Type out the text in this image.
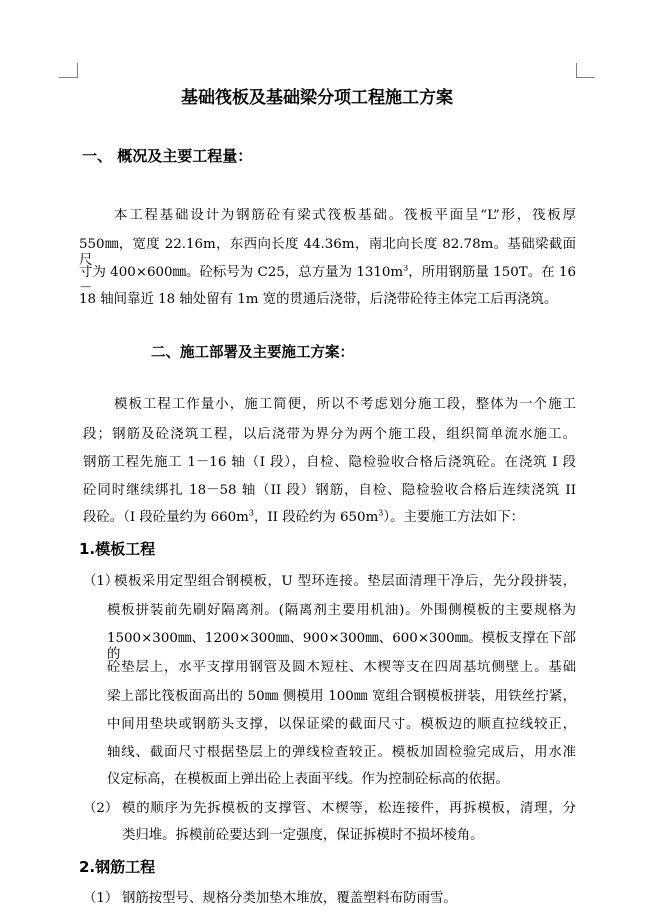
基础筏板及基础梁分项工程施工方案
一、 概况及主要工程量：
本工程基础设计为钢筋砼有梁式筏板基础。筏板平面呈“L”形，筏板厚
550㎜，宽度 22.16m，东西向长度 44.36m，南北向长度 82.78m。基础梁截面尺
寸为 400×600㎜。砼标号为 C25，总方量为 $1310m^3$，所用钢筋量 150T。在 16－
18 轴间靠近 18 轴处留有 1m 宽的贯通后浇带，后浇带砼待主体完工后再浇筑。
二、施工部署及主要施工方案：
模板工程工作量小，施工简便，所以不考虑划分施工段，整体为一个施工
段；钢筋及砼浇筑工程，以后浇带为界分为两个施工段，组织简单流水施工。
钢筋工程先施工 1－16 轴（I 段），自检、隐检验收合格后浇筑砼。在浇筑 I 段
砼同时继续绑扎 18－58 轴（II 段）钢筋，自检、隐检验收合格后连续浇筑 II
段砼。（I 段砼量约为 $660m^3$，II 段砼约为 $650m^3$）。主要施工方法如下：
1.模板工程
（1）
模板采用定型组合钢模板，U 型环连接。垫层面清理干净后，先分段拼装，
模板拼装前先刷好隔离剂。(隔离剂主要用机油)。外围侧模板的主要规格为
1500×300㎜、1200×300㎜、900×300㎜、600×300㎜。模板支撑在下部的
砼垫层上，水平支撑用钢管及圆木短柱、木楔等支在四周基坑侧壁上。基础
梁上部比筏板面高出的 50㎜ 侧模用 100㎜ 宽组合钢模板拼装，用铁丝拧紧，
中间用垫块或钢筋头支撑，以保证梁的截面尺寸。模板边的顺直拉线较正，
轴线、截面尺寸根据垫层上的弹线检查较正。模板加固检验完成后，用水准
仪定标高，在模板面上弹出砼上表面平线。作为控制砼标高的依据。
（2） 模的顺序为先拆模板的支撑管、木楔等，松连接件，再拆模板，清理，分
类归堆。拆模前砼要达到一定强度，保证拆模时不损坏棱角。
2.钢筋工程
（1） 钢筋按型号、规格分类加垫木堆放，覆盖塑料布防雨雪。
